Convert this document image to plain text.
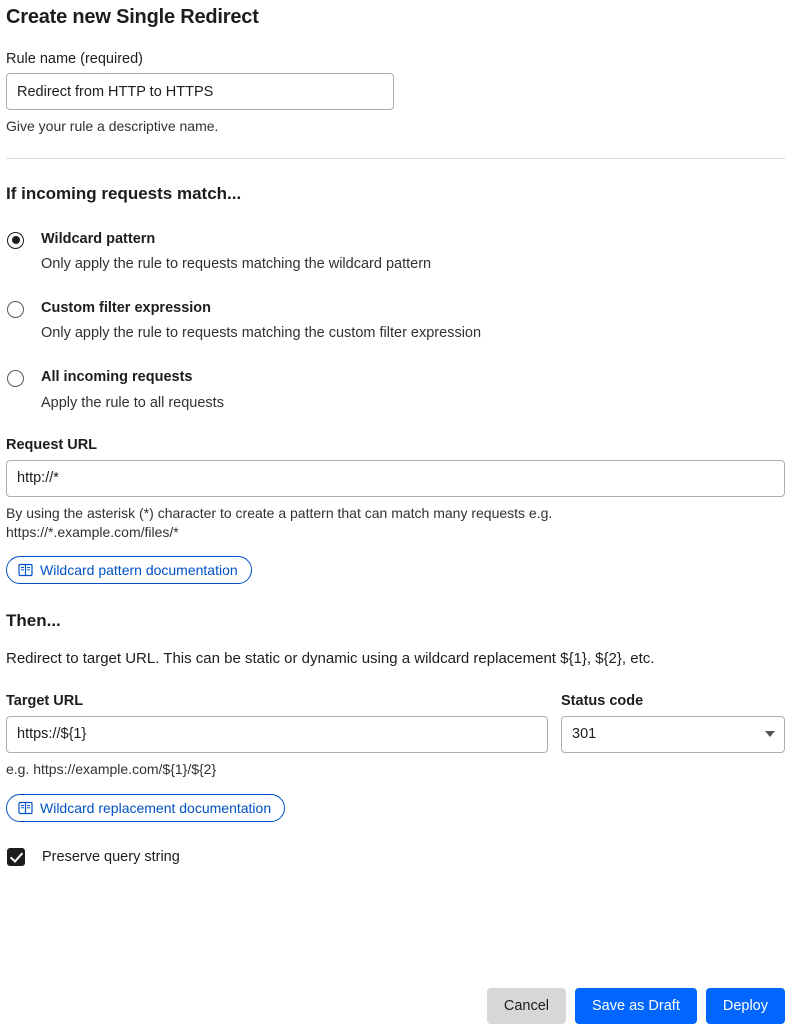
Create new Single Redirect
Rule name (required)
Redirect from HTTP to HTTPS
Give your rule a descriptive name.
If incoming requests match...
Wildcard pattern
Only apply the rule to requests matching the wildcard pattern
Custom filter expression
Only apply the rule to requests matching the custom filter expression
All incoming requests
Apply the rule to all requests
Request URL
http://*
By using the asterisk (*) character to create a pattern that can match many requests e.g. https://*.example.com/files/*
Wildcard pattern documentation
Then...
Redirect to target URL. This can be static or dynamic using a wildcard replacement ${1}, ${2}, etc.
Target URL
https://${1}	Status code
301
e.g. https://example.com/${1}/${2}
Wildcard replacement documentation
Preserve query string
Cancel	Save as Draft	Deploy
